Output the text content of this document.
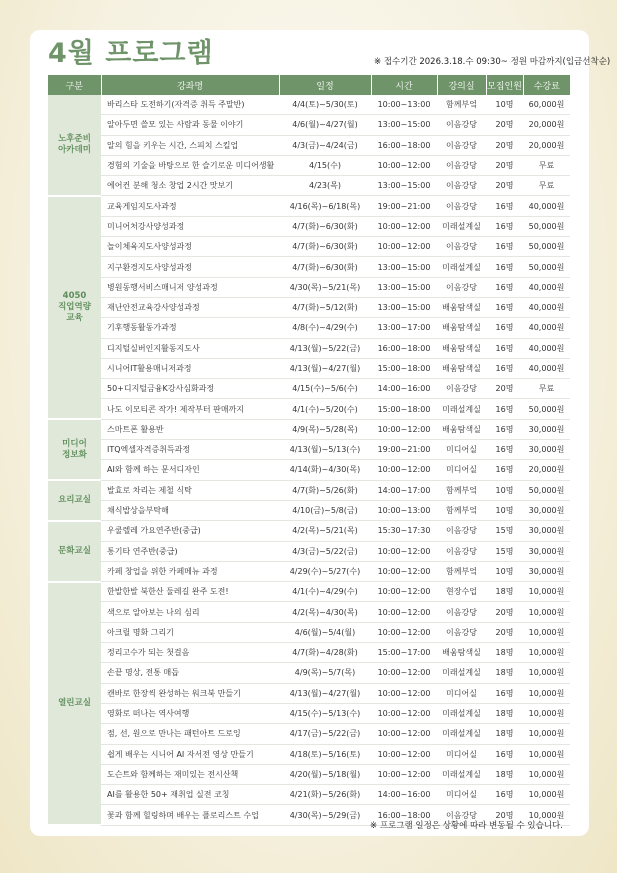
4월 프로그램	※ 접수기간 2026.3.18.수 09:30~ 정원 마감까지(입금선착순)
구분	강좌명	일정	시간	강의실	모집인원	수강료
노후준비
아카데미	바리스타 도전하기(자격증 취득 주말반)	4/4(토)~5/30(토)	10:00~13:00	함께부엌	10명	60,000원
	알아두면 쓸모 있는 사람과 동물 이야기	4/6(월)~4/27(월)	13:00~15:00	이음강당	20명	20,000원
	알의 힘을 키우는 시간, 스피치 스킬업	4/3(금)~4/24(금)	16:00~18:00	이음강당	20명	20,000원
	경험의 기술을 바탕으로 한 슬기로운 미디어생활	4/15(수)	10:00~12:00	이음강당	20명	무료
	에어컨 분해 청소 창업 2시간 맛보기	4/23(목)	13:00~15:00	이음강당	20명	무료
4050
직업역량
교육	교육게임지도사과정	4/16(목)~6/18(목)	19:00~21:00	이음강당	16명	40,000원
	미니어처강사양성과정	4/7(화)~6/30(화)	10:00~12:00	미래설계실	16명	50,000원
	놀이체육지도사양성과정	4/7(화)~6/30(화)	10:00~12:00	이음강당	16명	50,000원
	지구환경지도사양성과정	4/7(화)~6/30(화)	13:00~15:00	미래설계실	16명	50,000원
	병원동행서비스매니저 양성과정	4/30(목)~5/21(목)	13:00~15:00	이음강당	16명	40,000원
	재난안전교육강사양성과정	4/7(화)~5/12(화)	13:00~15:00	배움탐색실	16명	40,000원
	기후행동활동가과정	4/8(수)~4/29(수)	13:00~17:00	배움탐색실	16명	40,000원
	디지털실버인지활동지도사	4/13(월)~5/22(금)	16:00~18:00	배움탐색실	16명	40,000원
	시니어IT활용매니저과정	4/13(월)~4/27(월)	15:00~18:00	배움탐색실	16명	40,000원
	50+디지털금융K강사심화과정	4/15(수)~5/6(수)	14:00~16:00	이음강당	20명	무료
	나도 이모티콘 작가! 제작부터 판매까지	4/1(수)~5/20(수)	15:00~18:00	미래설계실	16명	50,000원
미디어
정보화	스마트폰 활용반	4/9(목)~5/28(목)	10:00~12:00	배움탐색실	16명	30,000원
	ITQ엑셀자격증취득과정	4/13(월)~5/13(수)	19:00~21:00	미디어실	16명	30,000원
	AI와 함께 하는 문서디자인	4/14(화)~4/30(목)	10:00~12:00	미디어실	16명	20,000원
요리교실	발효로 차리는 제철 식탁	4/7(화)~5/26(화)	14:00~17:00	함께부엌	10명	50,000원
	채식밥상을부탁해	4/10(금)~5/8(금)	10:00~13:00	함께부엌	10명	30,000원
문화교실	우쿨렐레 가요연주반(중급)	4/2(목)~5/21(목)	15:30~17:30	이음강당	15명	30,000원
	통기타 연주반(중급)	4/3(금)~5/22(금)	10:00~12:00	이음강당	15명	30,000원
	카페 창업을 위한 카페메뉴 과정	4/29(수)~5/27(수)	10:00~12:00	함께부엌	10명	30,000원
열린교실	한발한발 북한산 둘레길 완주 도전!	4/1(수)~4/29(수)	10:00~12:00	현장수업	18명	10,000원
	색으로 알아보는 나의 심리	4/2(목)~4/30(목)	10:00~12:00	이음강당	20명	10,000원
	아크릴 명화 그리기	4/6(월)~5/4(월)	10:00~12:00	이음강당	20명	10,000원
	정리고수가 되는 첫걸음	4/7(화)~4/28(화)	15:00~17:00	배움탐색실	18명	10,000원
	손끝 명상, 전통 매듭	4/9(목)~5/7(목)	10:00~12:00	미래설계실	18명	10,000원
	캔바로 한장씩 완성하는 워크북 만들기	4/13(월)~4/27(월)	10:00~12:00	미디어실	16명	10,000원
	영화로 떠나는 역사여행	4/15(수)~5/13(수)	10:00~12:00	미래설계실	18명	10,000원
	점, 선, 원으로 만나는 패턴아트 드로잉	4/17(금)~5/22(금)	10:00~12:00	미래설계실	18명	10,000원
	쉽게 배우는 시니어 AI 자서전 영상 만들기	4/18(토)~5/16(토)	10:00~12:00	미디어실	16명	10,000원
	도슨트와 함께하는 재미있는 전시산책	4/20(월)~5/18(월)	10:00~12:00	미래설계실	18명	10,000원
	AI를 활용한 50+ 재취업 실전 코칭	4/21(화)~5/26(화)	14:00~16:00	미디어실	16명	10,000원
	꽃과 함께 힐링하며 배우는 플로리스트 수업	4/30(목)~5/29(금)	16:00~18:00	이음강당	20명	10,000원
※ 프로그램 일정은 상황에 따라 변동될 수 있습니다.
